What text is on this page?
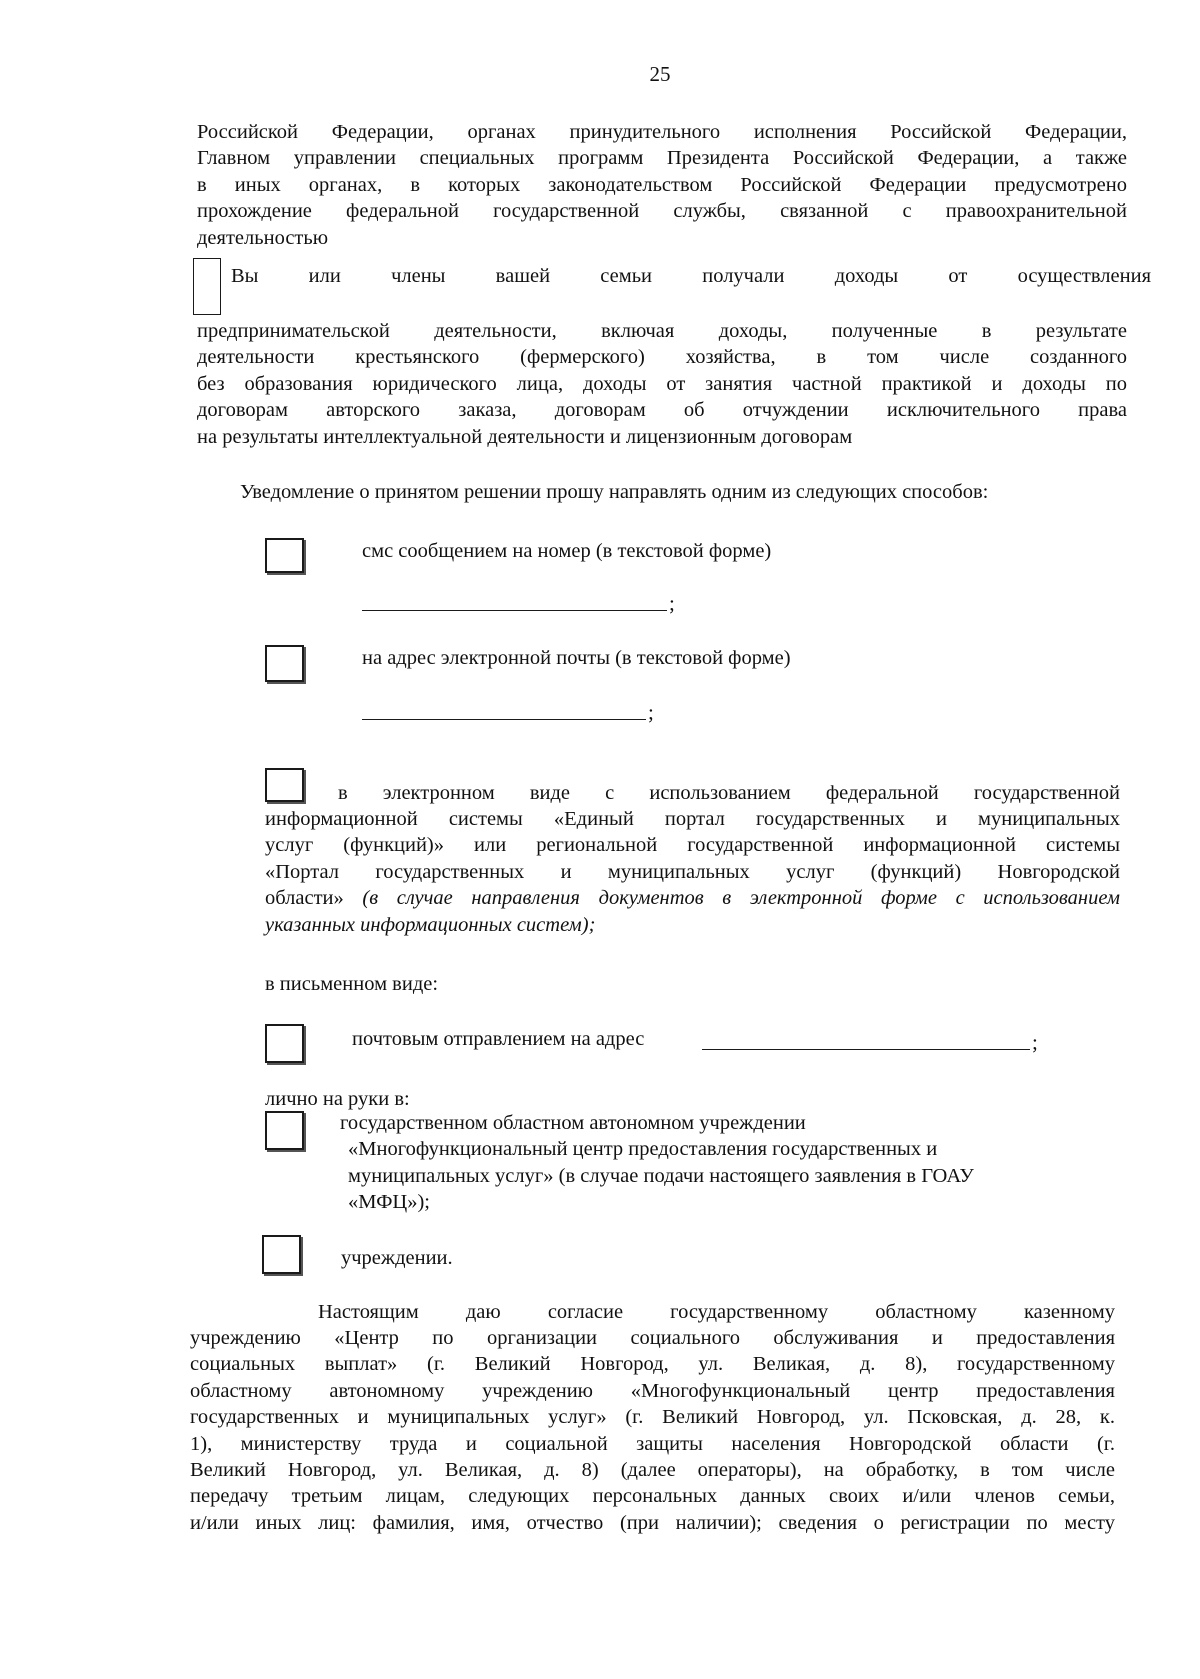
25
Российской Федерации, органах принудительного исполнения Российской Федерации,
Главном управлении специальных программ Президента Российской Федерации, а также
в иных органах, в которых законодательством Российской Федерации предусмотрено
прохождение федеральной государственной службы, связанной с правоохранительной
деятельностью
Вы или члены вашей семьи получали доходы от осуществления
предпринимательской деятельности, включая доходы, полученные в результате
деятельности крестьянского (фермерского) хозяйства, в том числе созданного
без образования юридического лица, доходы от занятия частной практикой и доходы по
договорам авторского заказа, договорам об отчуждении исключительного права
на результаты интеллектуальной деятельности и лицензионным договорам
Уведомление о принятом решении прошу направлять одним из следующих способов:
смс сообщением на номер (в текстовой форме)
;
на адрес электронной почты (в текстовой форме)
;
в электронном виде с использованием федеральной государственной
информационной системы «Единый портал государственных и муниципальных
услуг (функций)» или региональной государственной информационной системы
«Портал государственных и муниципальных услуг (функций) Новгородской
области» (в случае направления документов в электронной форме с использованием
указанных информационных систем);
в письменном виде:
почтовым отправлением на адрес	;
лично на руки в:
государственном областном автономном учреждении
«Многофункциональный центр предоставления государственных и
муниципальных услуг» (в случае подачи настоящего заявления в ГОАУ
«МФЦ»);
учреждении.
Настоящим даю согласие государственному областному казенному
учреждению «Центр по организации социального обслуживания и предоставления
социальных выплат» (г. Великий Новгород, ул. Великая, д. 8), государственному
областному автономному учреждению «Многофункциональный центр предоставления
государственных и муниципальных услуг» (г. Великий Новгород, ул. Псковская, д. 28, к.
1), министерству труда и социальной защиты населения Новгородской области (г.
Великий Новгород, ул. Великая, д. 8) (далее операторы), на обработку, в том числе
передачу третьим лицам, следующих персональных данных своих и/или членов семьи,
и/или иных лиц: фамилия, имя, отчество (при наличии); сведения о регистрации по месту
